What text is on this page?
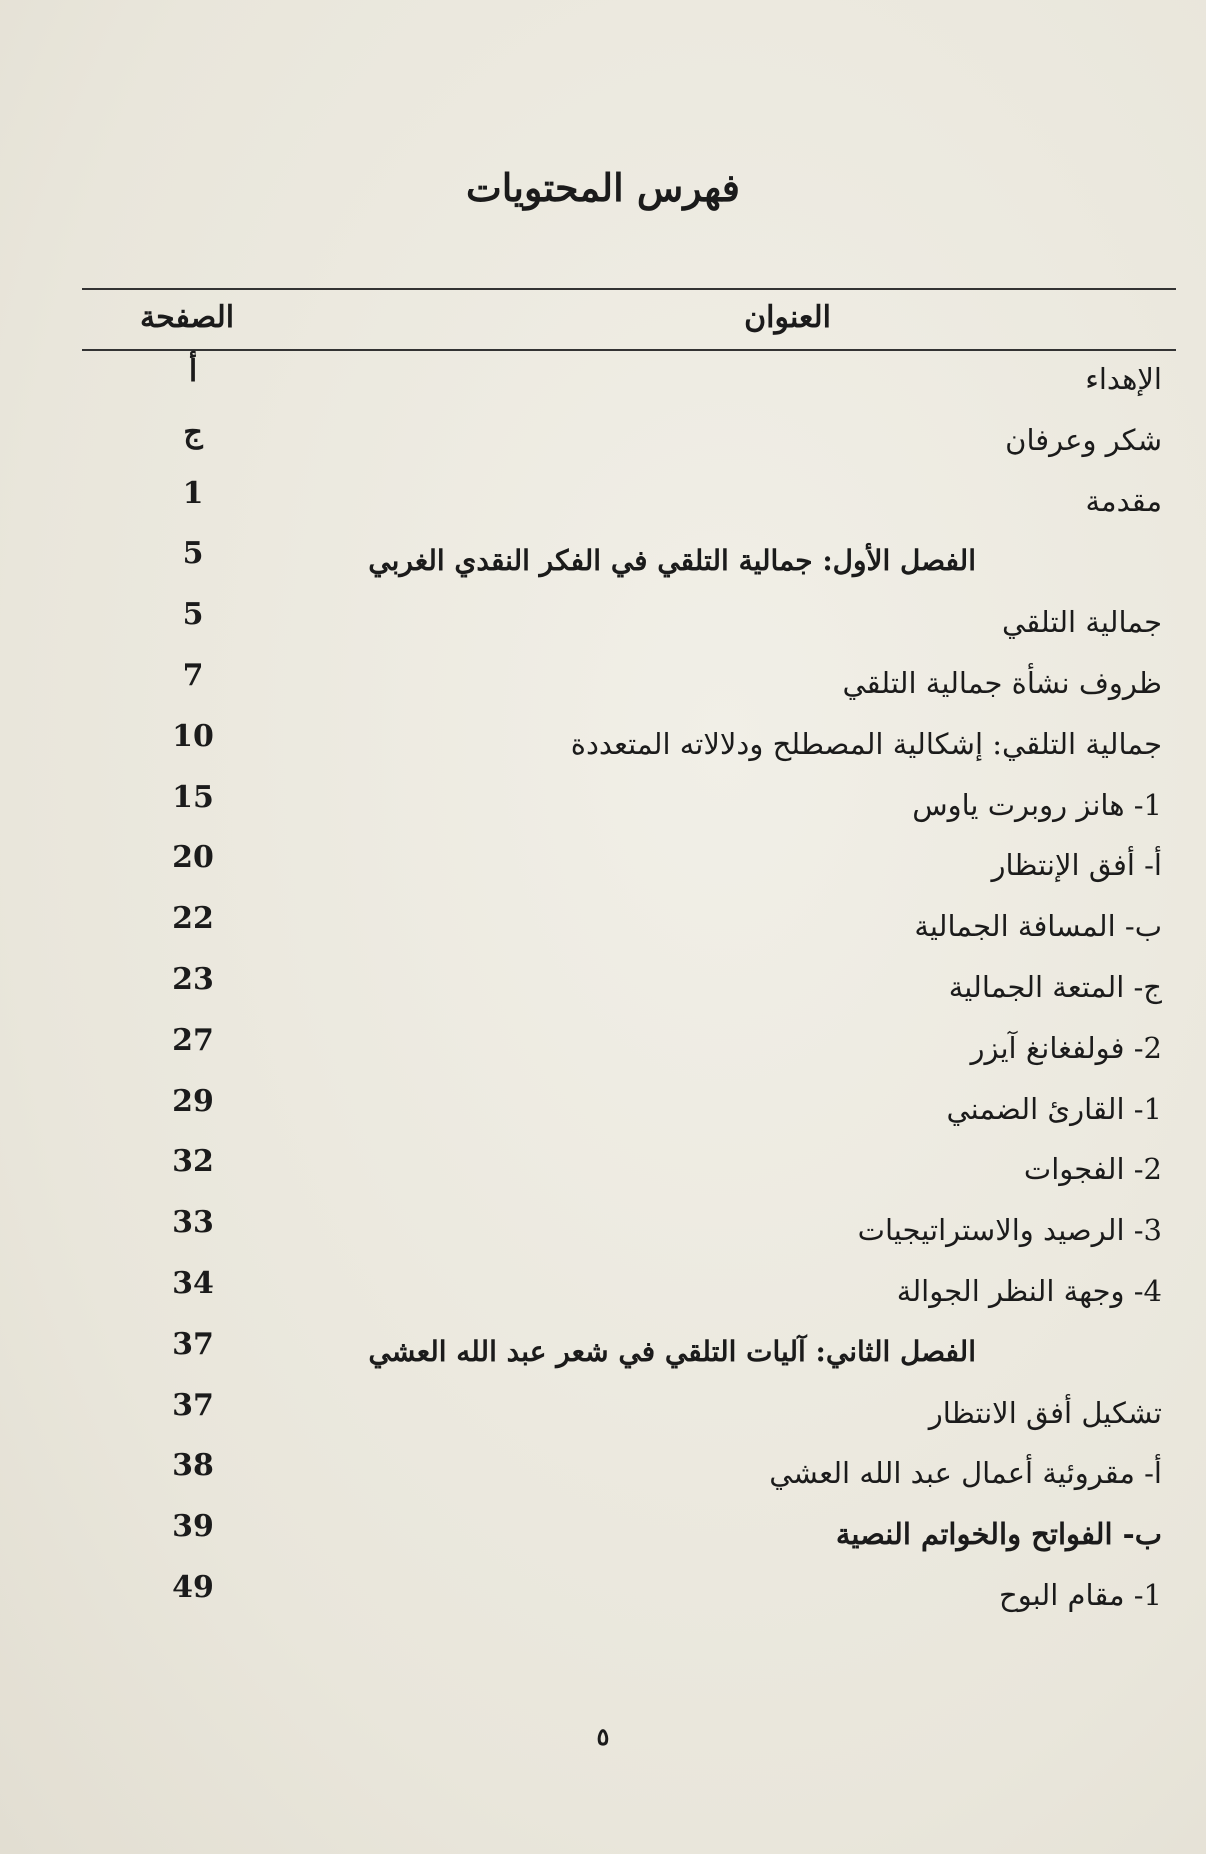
فهرس المحتويات
العنوان
الصفحة
الإهداء
أ
شكر وعرفان
ج
مقدمة
1
الفصل الأول: جمالية التلقي في الفكر النقدي الغربي
5
جمالية التلقي
5
ظروف نشأة جمالية التلقي
7
جمالية التلقي: إشكالية المصطلح ودلالاته المتعددة
10
1- هانز روبرت ياوس
15
أ- أفق الإنتظار
20
ب- المسافة الجمالية
22
ج- المتعة الجمالية
23
2- فولفغانغ آيزر
27
1- القارئ الضمني
29
2- الفجوات
32
3- الرصيد والاستراتيجيات
33
4- وجهة النظر الجوالة
34
الفصل الثاني: آليات التلقي في شعر عبد الله العشي
37
تشكيل أفق الانتظار
37
أ- مقروئية أعمال عبد الله العشي
38
ب- الفواتح والخواتم النصية
39
1- مقام البوح
49
٥
